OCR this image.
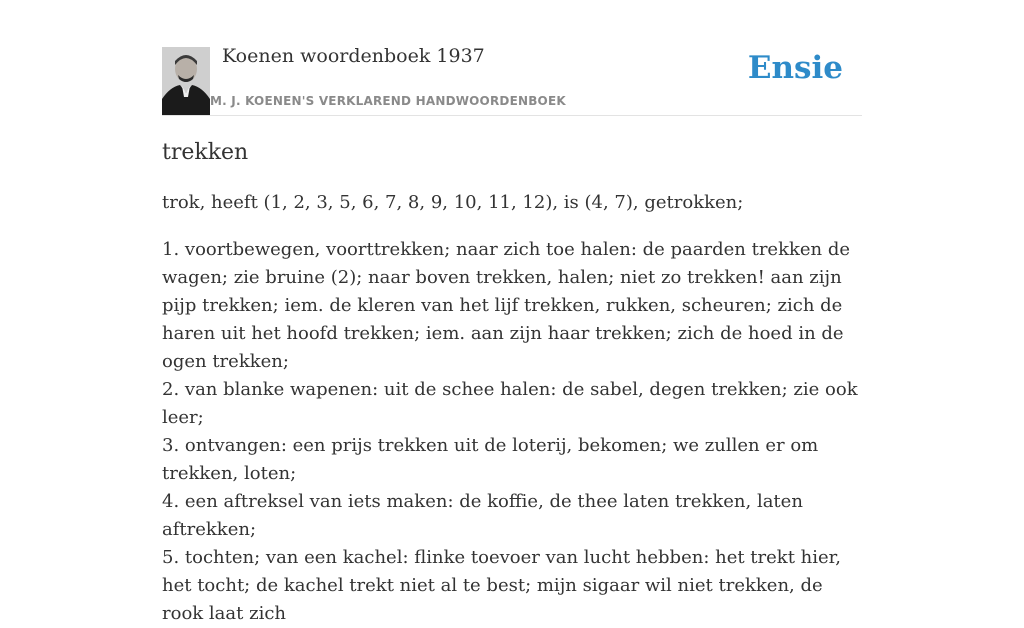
Koenen woordenboek 1937
M. J. KOENEN'S VERKLAREND HANDWOORDENBOEK
Ensie
trekken

trok, heeft (1, 2, 3, 5, 6, 7, 8, 9, 10, 11, 12), is (4, 7), getrokken;

1. voortbewegen, voorttrekken; naar zich toe halen: de paarden trekken de wagen; zie bruine (2); naar boven trekken, halen; niet zo trekken! aan zijn pijp trekken; iem. de kleren van het lijf trekken, rukken, scheuren; zich de haren uit het hoofd trekken; iem. aan zijn haar trekken; zich de hoed in de ogen trekken;
2. van blanke wapenen: uit de schee halen: de sabel, degen trekken; zie ook leer;
3. ontvangen: een prijs trekken uit de loterij, bekomen; we zullen er om trekken, loten;
4. een aftreksel van iets maken: de koffie, de thee laten trekken, laten aftrekken;
5. tochten; van een kachel: flinke toevoer van lucht hebben: het trekt hier, het tocht; de kachel trekt niet al te best; mijn sigaar wil niet trekken, de rook laat zich
